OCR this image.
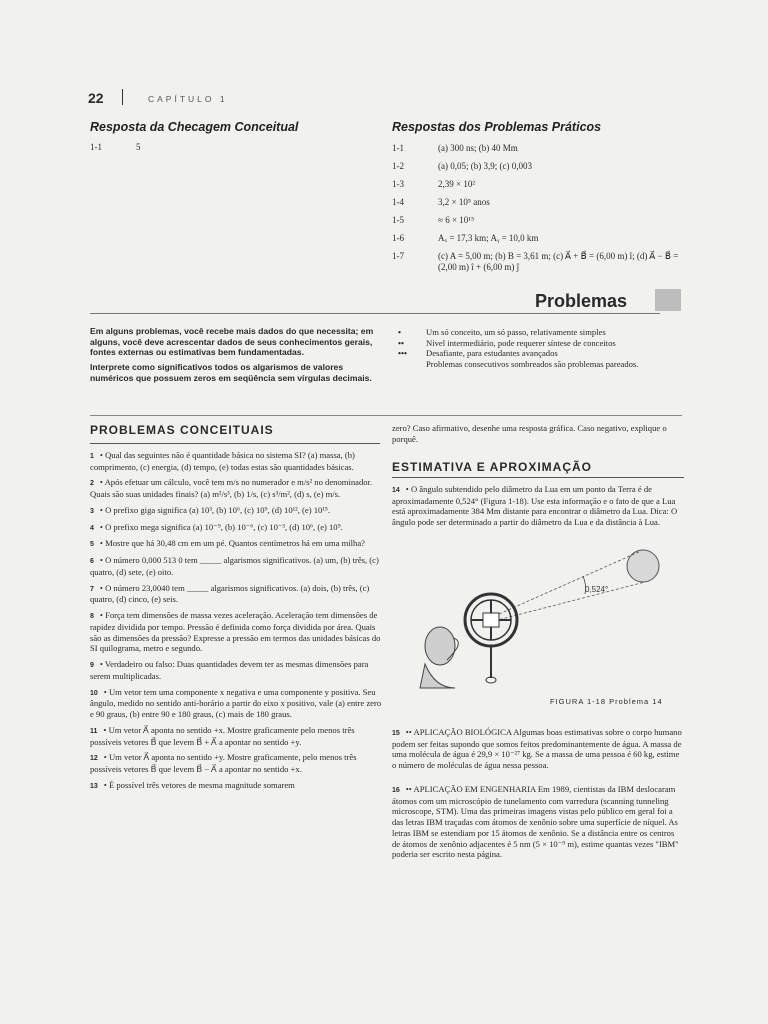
22	CAPÍTULO 1
Resposta da Checagem Conceitual
1-1	5
Respostas dos Problemas Práticos
1-1	(a) 300 ns; (b) 40 Mm
1-2	(a) 0,05; (b) 3,9; (c) 0,003
1-3	2,39 × 10²
1-4	3,2 × 10⁵ anos
1-5	≈ 6 × 10¹⁵
1-6	Aₓ = 17,3 km; Aᵧ = 10,0 km
1-7	(c) A = 5,00 m; (b) B = 3,61 m; (c) A⃗ + B⃗ = (6,00 m) î; (d) A⃗ − B⃗ = (2,00 m) î + (6,00 m) ĵ
Problemas
Em alguns problemas, você recebe mais dados do que necessita; em alguns, você deve acrescentar dados de seus conhecimentos gerais, fontes externas ou estimativas bem fundamentadas.
Interprete como significativos todos os algarismos de valores numéricos que possuem zeros em seqüência sem vírgulas decimais.
•	Um só conceito, um só passo, relativamente simples
••	Nível intermediário, pode requerer síntese de conceitos
•••	Desafiante, para estudantes avançados
Problemas consecutivos sombreados são problemas pareados.
PROBLEMAS CONCEITUAIS
1 • Qual das seguintes não é quantidade básica no sistema SI? (a) massa, (b) comprimento, (c) energia, (d) tempo, (e) todas estas são quantidades básicas.
2 • Após efetuar um cálculo, você tem m/s no numerador e m/s² no denominador. Quais são suas unidades finais? (a) m²/s³, (b) 1/s, (c) s³/m², (d) s, (e) m/s.
3 • O prefixo giga significa (a) 10³, (b) 10⁶, (c) 10⁹, (d) 10¹², (e) 10¹⁵.
4 • O prefixo mega significa (a) 10⁻⁹, (b) 10⁻⁶, (c) 10⁻³, (d) 10⁶, (e) 10⁹.
5 • Mostre que há 30,48 cm em um pé. Quantos centímetros há em uma milha?
6 • O número 0,000 513 0 tem _____ algarismos significativos. (a) um, (b) três, (c) quatro, (d) sete, (e) oito.
7 • O número 23,0040 tem _____ algarismos significativos. (a) dois, (b) três, (c) quatro, (d) cinco, (e) seis.
8 • Força tem dimensões de massa vezes aceleração. Aceleração tem dimensões de rapidez dividida por tempo. Pressão é definida como força dividida por área. Quais são as dimensões da pressão? Expresse a pressão em termos das unidades básicas do SI quilograma, metro e segundo.
9 • Verdadeiro ou falso: Duas quantidades devem ter as mesmas dimensões para serem multiplicadas.
10 • Um vetor tem uma componente x negativa e uma componente y positiva. Seu ângulo, medido no sentido anti-horário a partir do eixo x positivo, vale (a) entre zero e 90 graus, (b) entre 90 e 180 graus, (c) mais de 180 graus.
11 • Um vetor A⃗ aponta no sentido +x. Mostre graficamente pelo menos três possíveis vetores B⃗ que levem B⃗ + A⃗ a apontar no sentido +y.
12 • Um vetor A⃗ aponta no sentido +y. Mostre graficamente, pelo menos três possíveis vetores B⃗ que levem B⃗ − A⃗ a apontar no sentido +x.
13 • É possível três vetores de mesma magnitude somarem
zero? Caso afirmativo, desenhe uma resposta gráfica. Caso negativo, explique o porquê.
ESTIMATIVA E APROXIMAÇÃO
14 • O ângulo subtendido pelo diâmetro da Lua em um ponto da Terra é de aproximadamente 0,524° (Figura 1-18). Use esta informação e o fato de que a Lua está aproximadamente 384 Mm distante para encontrar o diâmetro da Lua. Dica: O ângulo pode ser determinado a partir do diâmetro da Lua e da distância à Lua.
0,524°
FIGURA 1-18 Problema 14
15 •• APLICAÇÃO BIOLÓGICA Algumas boas estimativas sobre o corpo humano podem ser feitas supondo que somos feitos predominantemente de água. A massa de uma molécula de água é 29,9 × 10⁻²⁷ kg. Se a massa de uma pessoa é 60 kg, estime o número de moléculas de água nessa pessoa.
16 •• APLICAÇÃO EM ENGENHARIA Em 1989, cientistas da IBM deslocaram átomos com um microscópio de tunelamento com varredura (scanning tunneling microscope, STM). Uma das primeiras imagens vistas pelo público em geral foi a das letras IBM traçadas com átomos de xenônio sobre uma superfície de níquel. As letras IBM se estendiam por 15 átomos de xenônio. Se a distância entre os centros de átomos de xenônio adjacentes é 5 nm (5 × 10⁻⁹ m), estime quantas vezes "IBM" poderia ser escrito nesta página.
